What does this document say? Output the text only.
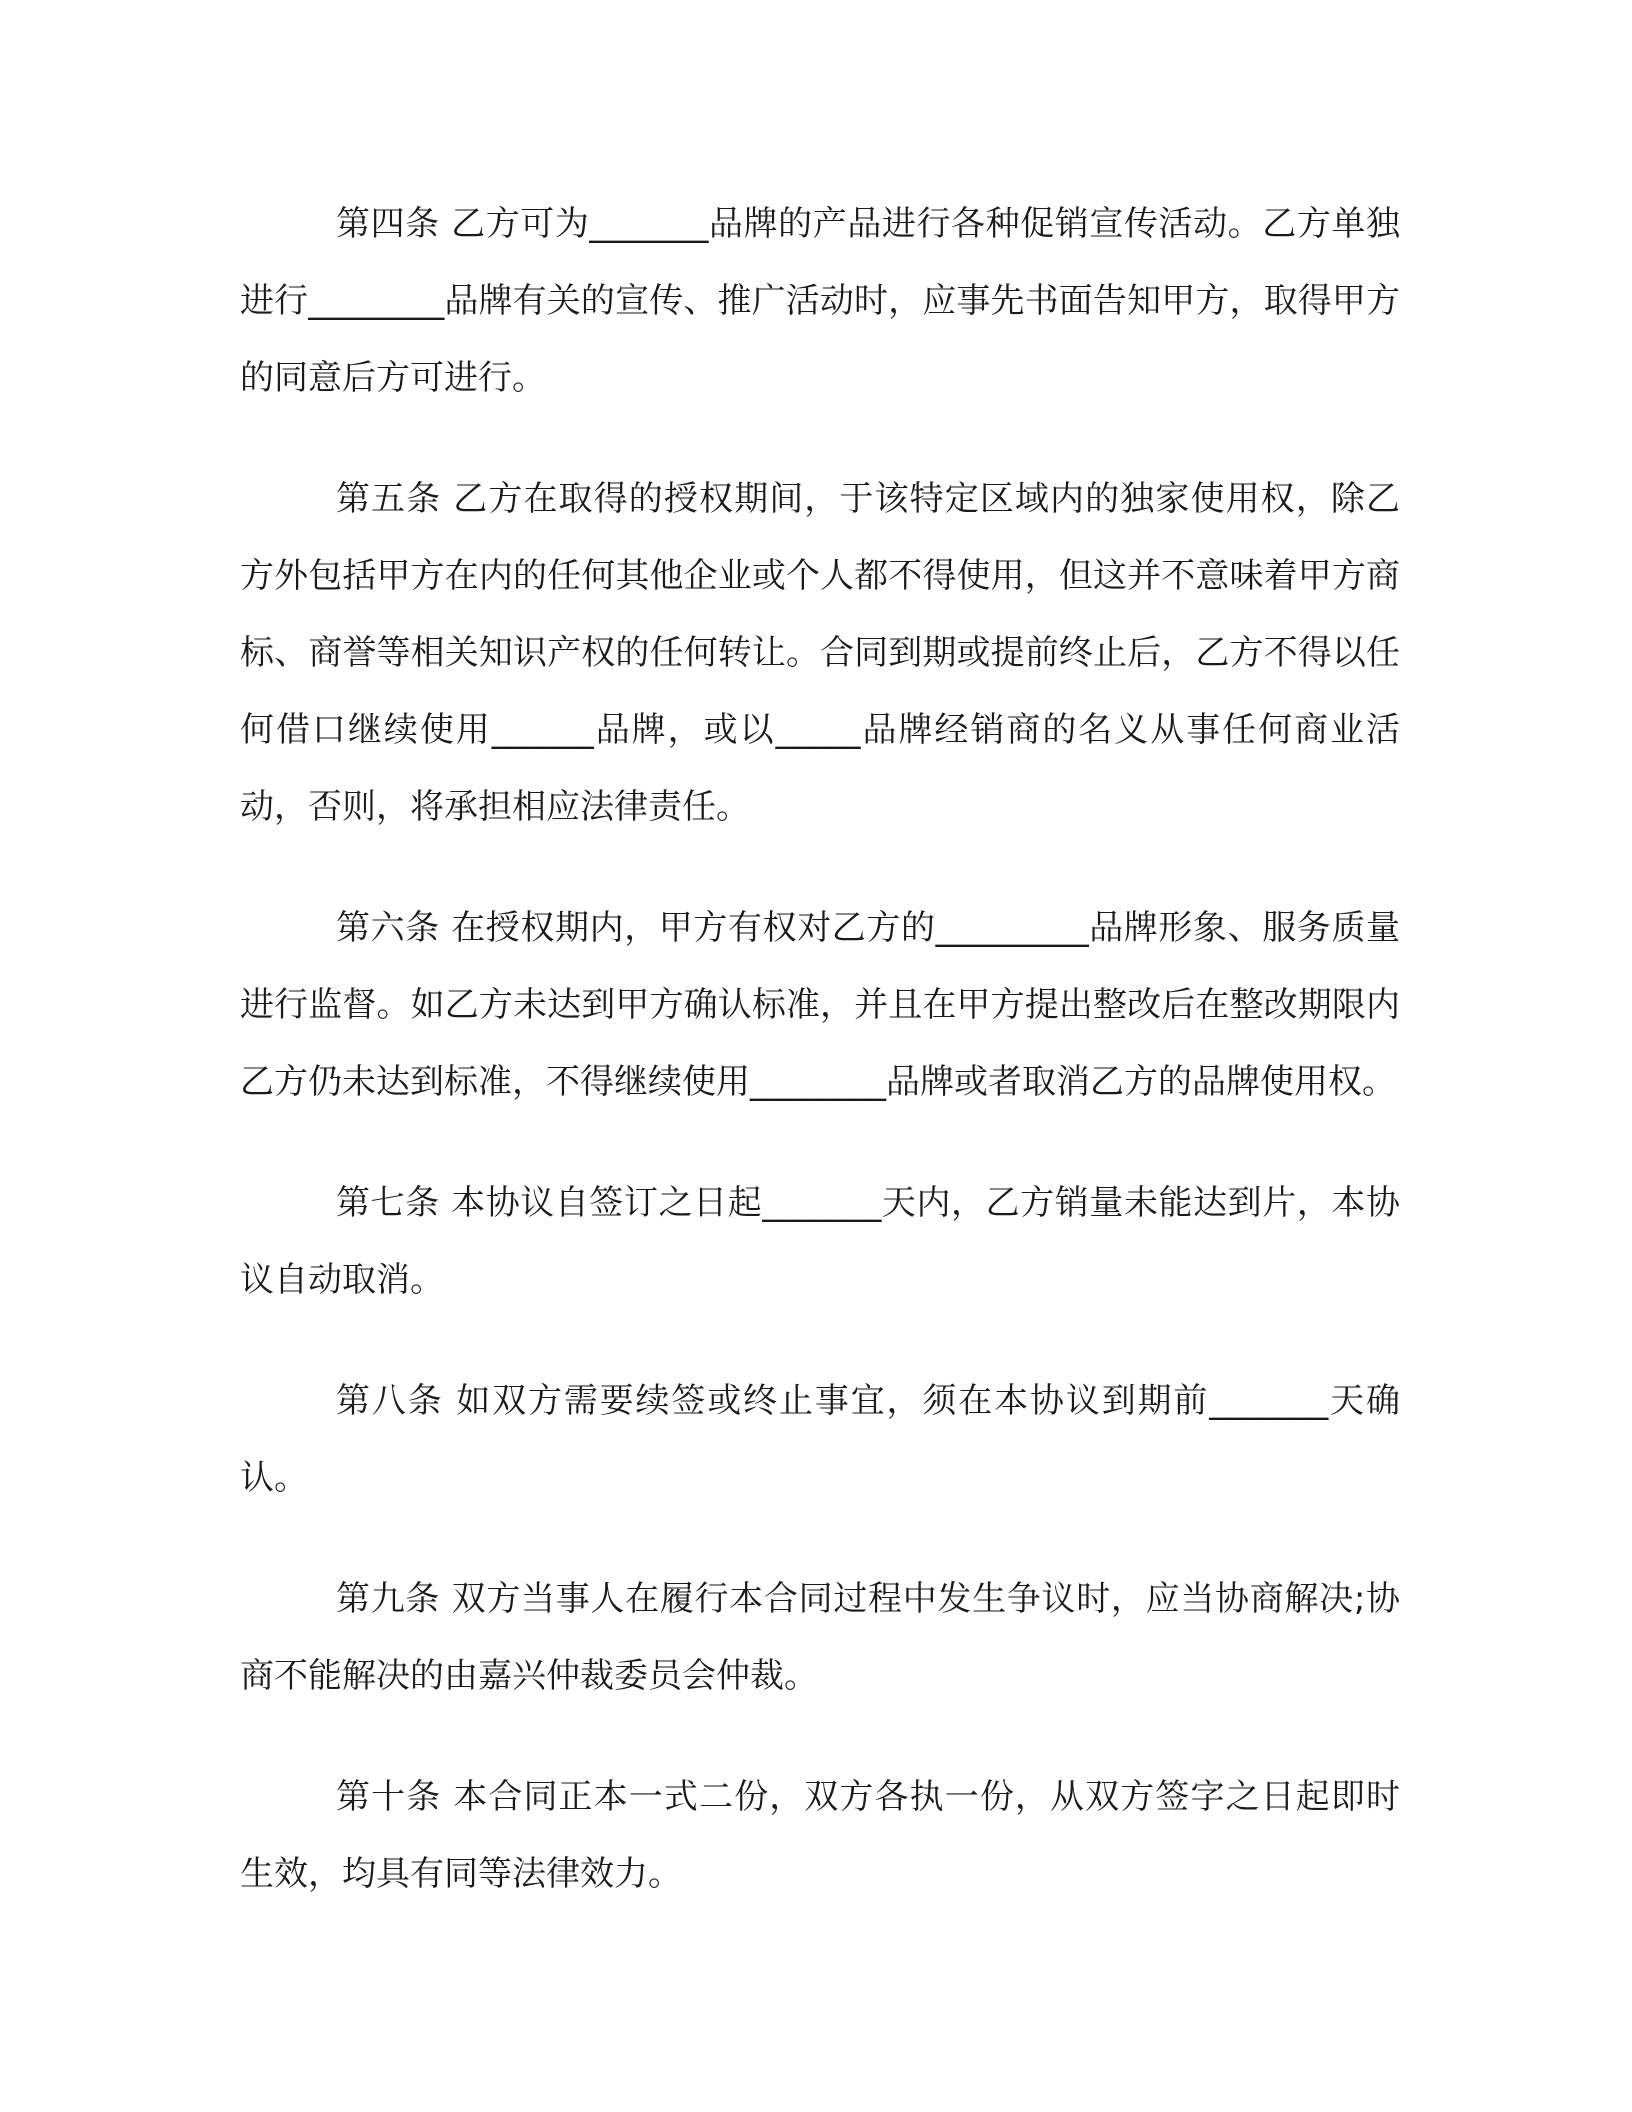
第四条 乙方可为_______品牌的产品进行各种促销宣传活动。乙方单独进行________品牌有关的宣传、推广活动时，应事先书面告知甲方，取得甲方的同意后方可进行。

第五条 乙方在取得的授权期间，于该特定区域内的独家使用权，除乙方外包括甲方在内的任何其他企业或个人都不得使用，但这并不意味着甲方商标、商誉等相关知识产权的任何转让。合同到期或提前终止后，乙方不得以任何借口继续使用______品牌，或以_____品牌经销商的名义从事任何商业活动，否则，将承担相应法律责任。

第六条 在授权期内，甲方有权对乙方的_________品牌形象、服务质量进行监督。如乙方未达到甲方确认标准，并且在甲方提出整改后在整改期限内乙方仍未达到标准，不得继续使用________品牌或者取消乙方的品牌使用权。

第七条 本协议自签订之日起_______天内，乙方销量未能达到片，本协议自动取消。

第八条 如双方需要续签或终止事宜，须在本协议到期前_______天确认。

第九条 双方当事人在履行本合同过程中发生争议时，应当协商解决;协商不能解决的由嘉兴仲裁委员会仲裁。

第十条 本合同正本一式二份，双方各执一份，从双方签字之日起即时生效，均具有同等法律效力。
